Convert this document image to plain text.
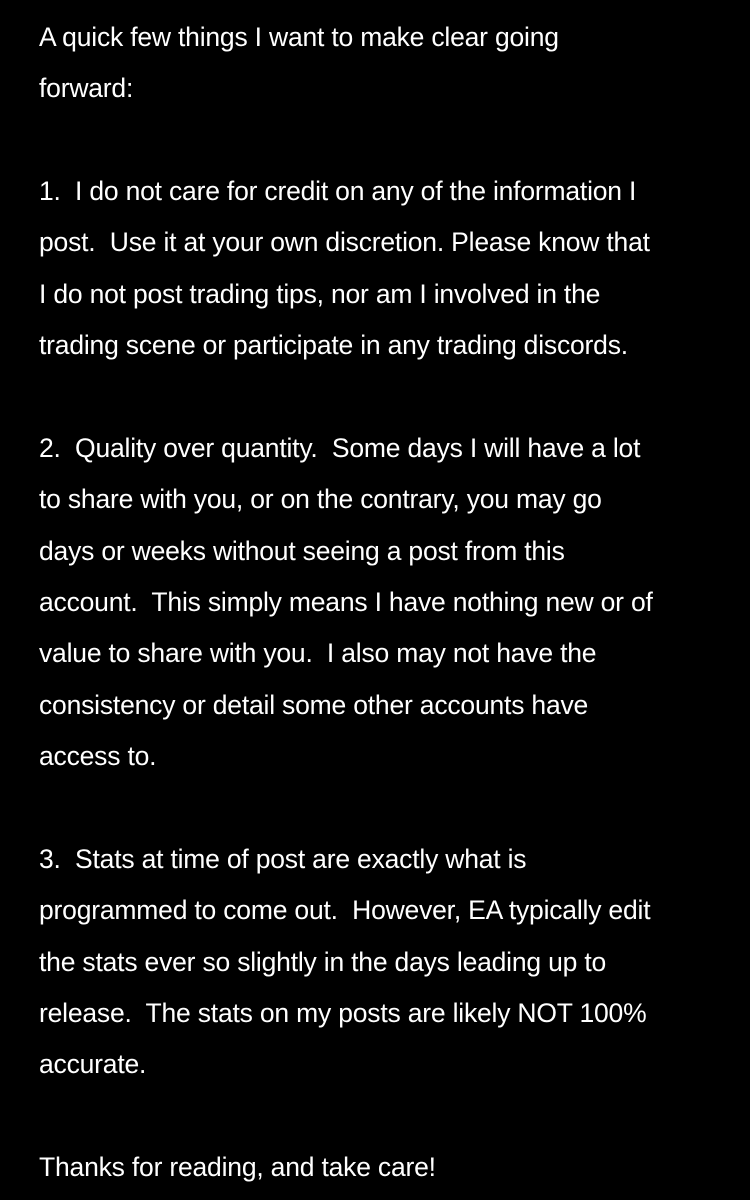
A quick few things I want to make clear going
forward:
1.  I do not care for credit on any of the information I
post.  Use it at your own discretion. Please know that
I do not post trading tips, nor am I involved in the
trading scene or participate in any trading discords.
2.  Quality over quantity.  Some days I will have a lot
to share with you, or on the contrary, you may go
days or weeks without seeing a post from this
account.  This simply means I have nothing new or of
value to share with you.  I also may not have the
consistency or detail some other accounts have
access to.
3.  Stats at time of post are exactly what is
programmed to come out.  However, EA typically edit
the stats ever so slightly in the days leading up to
release.  The stats on my posts are likely NOT 100%
accurate.
Thanks for reading, and take care!
